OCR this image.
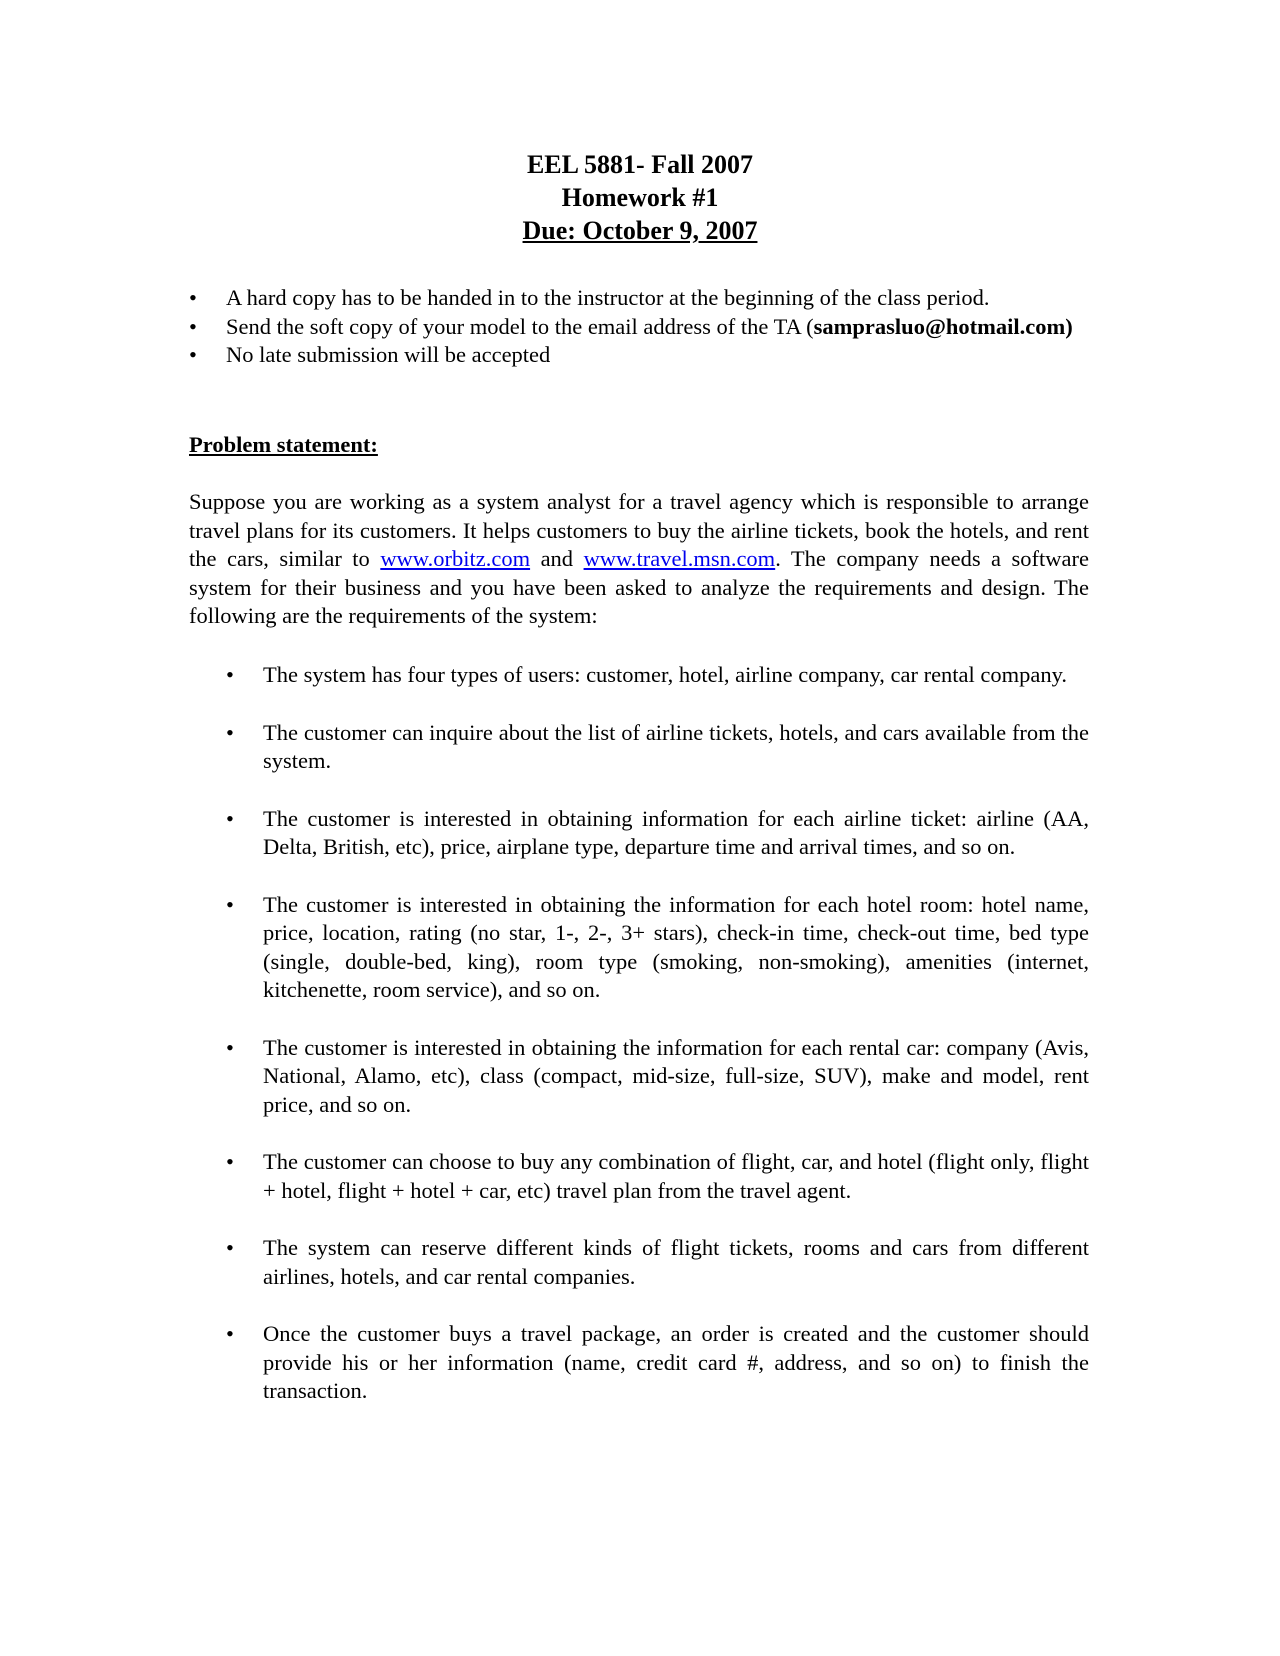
EEL 5881- Fall 2007
Homework #1
Due: October 9, 2007
• A hard copy has to be handed in to the instructor at the beginning of the class period.
• Send the soft copy of your model to the email address of the TA (samprasluo@hotmail.com)
• No late submission will be accepted
Problem statement:

Suppose you are working as a system analyst for a travel agency which is responsible to arrange travel plans for its customers. It helps customers to buy the airline tickets, book the hotels, and rent the cars, similar to www.orbitz.com and www.travel.msn.com. The company needs a software system for their business and you have been asked to analyze the requirements and design. The following are the requirements of the system:

• The system has four types of users: customer, hotel, airline company, car rental company.
• The customer can inquire about the list of airline tickets, hotels, and cars available from the system.
• The customer is interested in obtaining information for each airline ticket: airline (AA, Delta, British, etc), price, airplane type, departure time and arrival times, and so on.
• The customer is interested in obtaining the information for each hotel room: hotel name, price, location, rating (no star, 1-, 2-, 3+ stars), check-in time, check-out time, bed type (single, double-bed, king), room type (smoking, non-smoking), amenities (internet, kitchenette, room service), and so on.
• The customer is interested in obtaining the information for each rental car: company (Avis, National, Alamo, etc), class (compact, mid-size, full-size, SUV), make and model, rent price, and so on.
• The customer can choose to buy any combination of flight, car, and hotel (flight only, flight + hotel, flight + hotel + car, etc) travel plan from the travel agent.
• The system can reserve different kinds of flight tickets, rooms and cars from different airlines, hotels, and car rental companies.
• Once the customer buys a travel package, an order is created and the customer should provide his or her information (name, credit card #, address, and so on) to finish the transaction.
